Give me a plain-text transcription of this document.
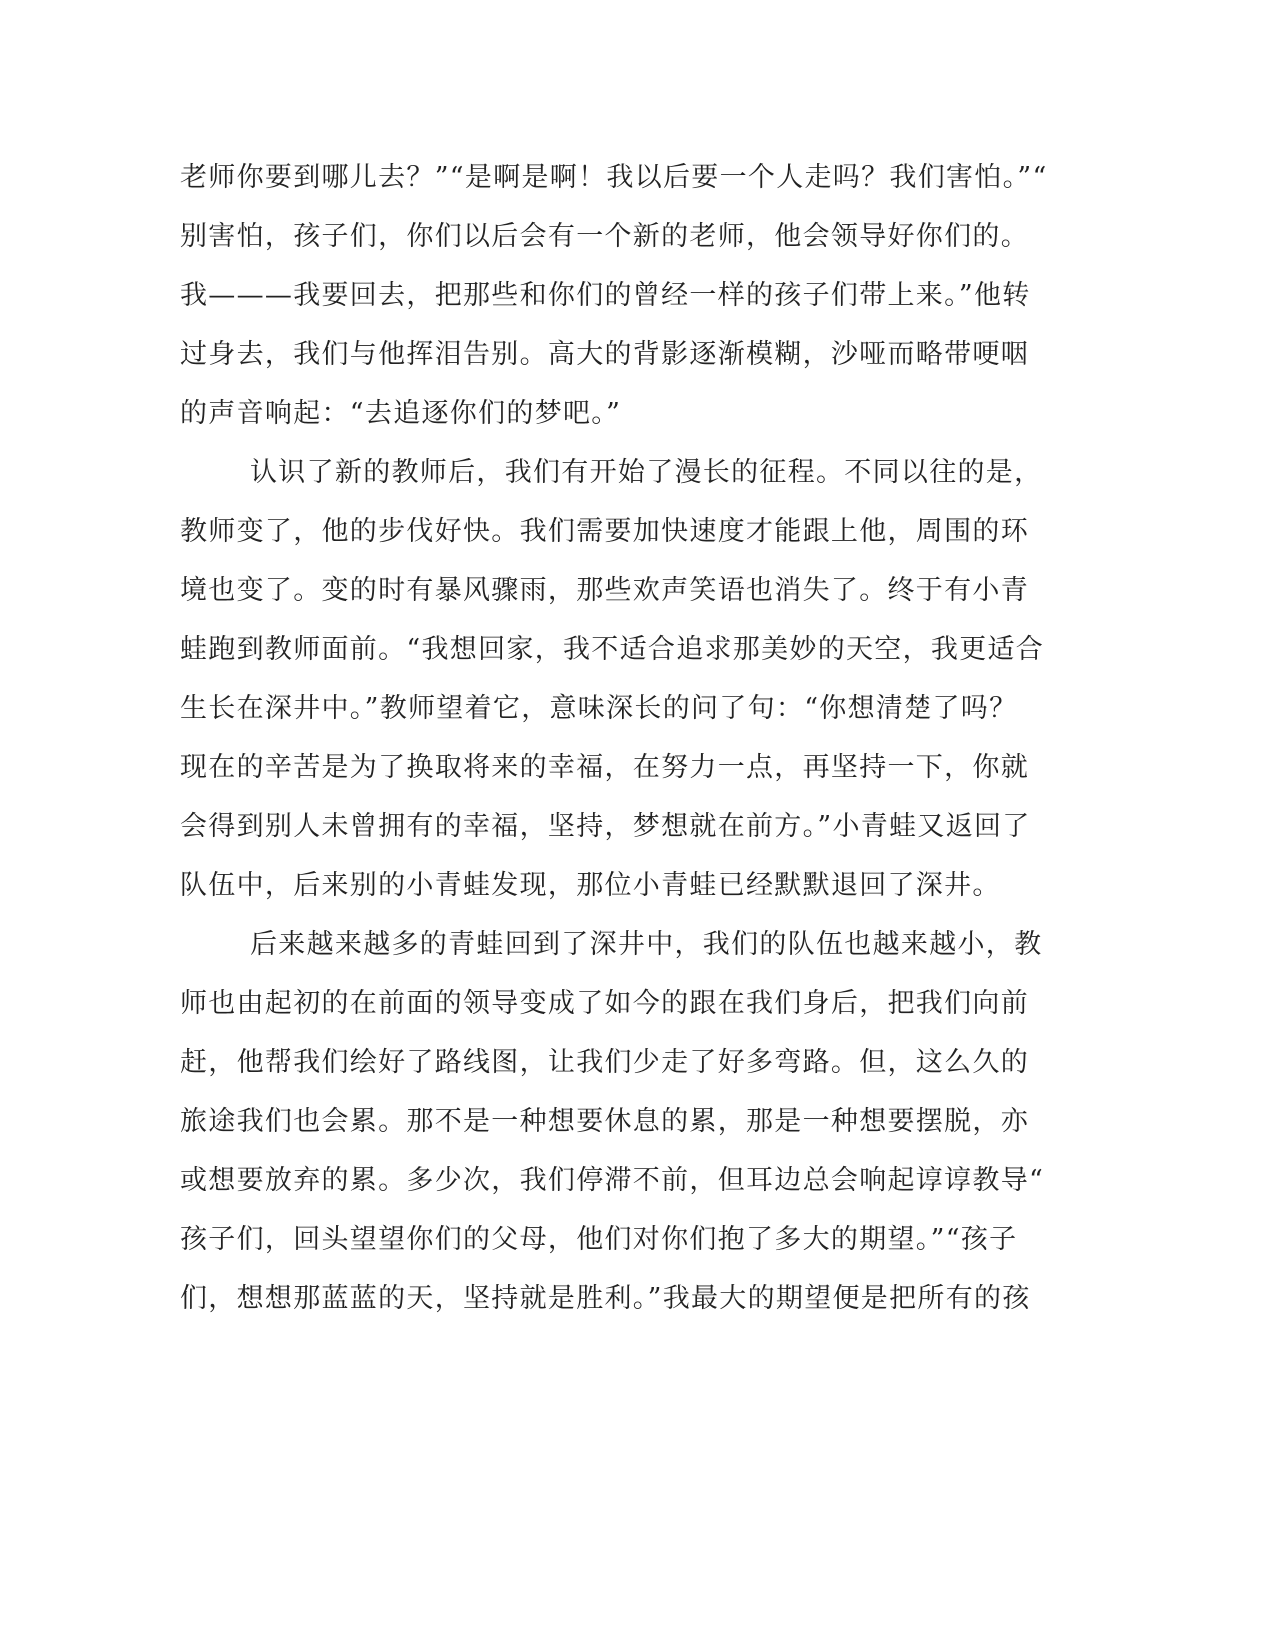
老师你要到哪儿去？”“是啊是啊！我以后要一个人走吗？我们害怕。”“
别害怕，孩子们，你们以后会有一个新的老师，他会领导好你们的。
我———我要回去，把那些和你们的曾经一样的孩子们带上来。”他转
过身去，我们与他挥泪告别。高大的背影逐渐模糊，沙哑而略带哽咽
的声音响起：“去追逐你们的梦吧。”
认识了新的教师后，我们有开始了漫长的征程。不同以往的是，
教师变了，他的步伐好快。我们需要加快速度才能跟上他，周围的环
境也变了。变的时有暴风骤雨，那些欢声笑语也消失了。终于有小青
蛙跑到教师面前。“我想回家，我不适合追求那美妙的天空，我更适合
生长在深井中。”教师望着它，意味深长的问了句：“你想清楚了吗？
现在的辛苦是为了换取将来的幸福，在努力一点，再坚持一下，你就
会得到别人未曾拥有的幸福，坚持，梦想就在前方。”小青蛙又返回了
队伍中，后来别的小青蛙发现，那位小青蛙已经默默退回了深井。
后来越来越多的青蛙回到了深井中，我们的队伍也越来越小，教
师也由起初的在前面的领导变成了如今的跟在我们身后，把我们向前
赶，他帮我们绘好了路线图，让我们少走了好多弯路。但，这么久的
旅途我们也会累。那不是一种想要休息的累，那是一种想要摆脱，亦
或想要放弃的累。多少次，我们停滞不前，但耳边总会响起谆谆教导“
孩子们，回头望望你们的父母，他们对你们抱了多大的期望。”“孩子
们，想想那蓝蓝的天，坚持就是胜利。”我最大的期望便是把所有的孩
